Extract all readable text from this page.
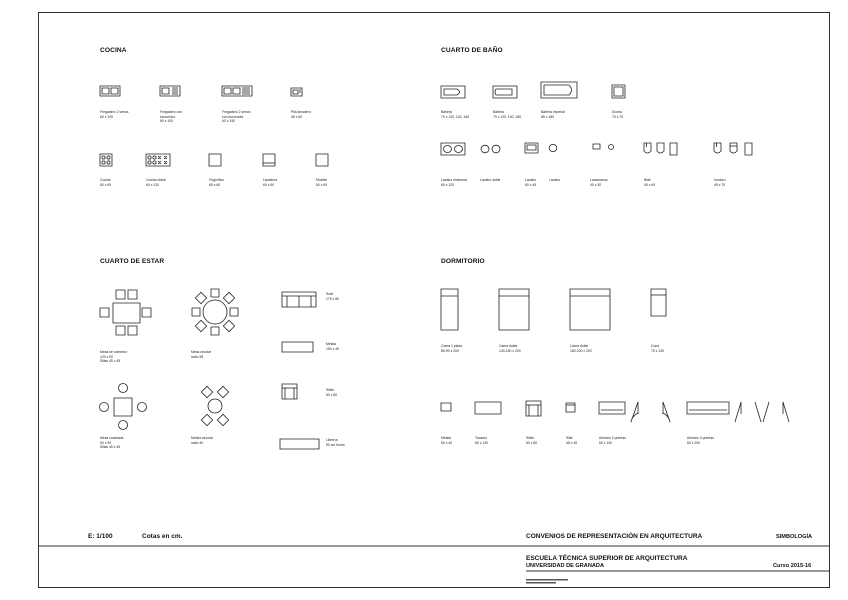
COCINA	CUARTO DE BAÑO
CUARTO DE ESTAR	DORMITORIO
Fregadero 2 senos
60 x 100
Fregadero con
escurridor
60 x 100
Fregadero 2 senos
con escurridor
60 x 140
Pila lavadero
45 x 60
Cocina
60 x 60
Cocina doble
60 x 120
Frigorífico
60 x 60
Lavadora
60 x 60
Mueble
60 x 60
Bañera
70 x 120, 140, 160
Bañera
70 x 120, 140, 160
Bañera imperial
85 x 180
Ducha
70 x 70
Lavabo encimera
60 x 120
Lavabo doble	Lavabo
60 x 45
Lavabo	Lavamanos
40 x 30
Bidé
45 x 60
Inodoro
45 x 70
Mesa de comedor
120 x 90
Sillas 45 x 45
Mesa circular
radio 55
Sofá
175 x 80
Mesita
150 x 45
Sillón
80 x 80
Mesa cuadrada
90 x 90
Sillas 45 x 45
Mesita circular
radio 40
Librería
50 cm fondo
Cama 1 plaza
80-90 x 200
Cama doble
140-150 x 200
Cama doble
180-200 x 200
Cuna
75 x 130
Mesita
50 x 40
Tocador
60 x 130
Sillón
80 x 80
Silla
45 x 45
Armario 2 puertas
60 x 130
Armario 3 puertas
60 x 200
E: 1/100	Cotas en cm.	CONVENIOS DE REPRESENTACIÓN EN ARQUITECTURA	SIMBOLOGÍA
ESCUELA TÉCNICA SUPERIOR DE ARQUITECTURA
UNIVERSIDAD DE GRANADA	Curso 2015-16
